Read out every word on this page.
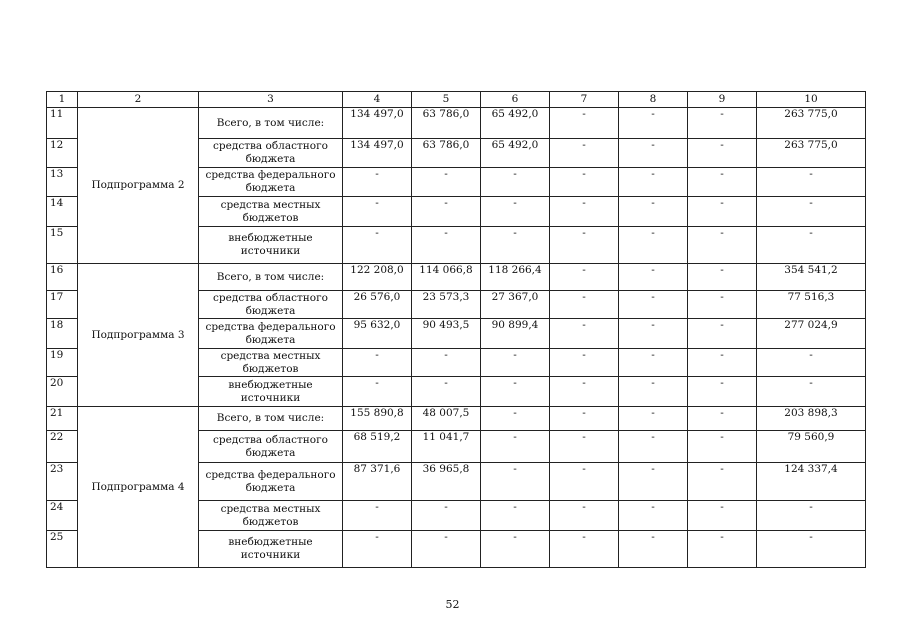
1	2	3	4	5	6	7	8	9	10
11	Подпрограмма 2	Всего, в том числе:	134 497,0	63 786,0	65 492,0	-	-	-	263 775,0
12		средства областного бюджета	134 497,0	63 786,0	65 492,0	-	-	-	263 775,0
13		средства федерального бюджета	-	-	-	-	-	-	-
14		средства местных бюджетов	-	-	-	-	-	-	-
15		внебюджетные источники	-	-	-	-	-	-	-
16	Подпрограмма 3	Всего, в том числе:	122 208,0	114 066,8	118 266,4	-	-	-	354 541,2
17		средства областного бюджета	26 576,0	23 573,3	27 367,0	-	-	-	77 516,3
18		средства федерального бюджета	95 632,0	90 493,5	90 899,4	-	-	-	277 024,9
19		средства местных бюджетов	-	-	-	-	-	-	-
20		внебюджетные источники	-	-	-	-	-	-	-
21	Подпрограмма 4	Всего, в том числе:	155 890,8	48 007,5	-	-	-	-	203 898,3
22		средства областного бюджета	68 519,2	11 041,7	-	-	-	-	79 560,9
23		средства федерального бюджета	87 371,6	36 965,8	-	-	-	-	124 337,4
24		средства местных бюджетов	-	-	-	-	-	-	-
25		внебюджетные источники	-	-	-	-	-	-	-
52
